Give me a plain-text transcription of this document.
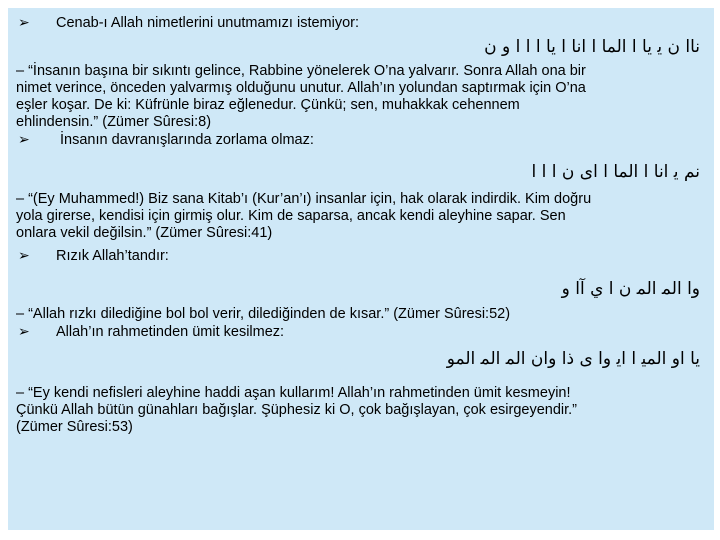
➢ Cenab-ı Allah nimetlerini unutmamızı istemiyor:
ﻧﺎﺍ ﻥ ﻳ ﻳﺎ ﺍ ﺍﻟﻤﺎ ﺍ ﺍﻧﺎ ﺍ ﻳﺎ ﺍ ﺍ ﺍ ﻭ ﻥ
– “İnsanın başına bir sıkıntı gelince, Rabbine yönelerek O’na yalvarır. Sonra Allah ona bir
nimet verince, önceden yalvarmış olduğunu unutur. Allah’ın yolundan saptırmak için O’na
eşler koşar. De ki: Küfrünle biraz eğlenedur. Çünkü; sen, muhakkak cehennem
ehlindensin.” (Zümer Sûresi:8)
➢ İnsanın davranışlarında zorlama olmaz:
ﻧﻢ ﻳ ﺍﻧﺎ ﺍ ﺍﻟﻤﺎ ﺍ ﺍﻯ ﻥ ﺍ ﺍ ﺍ
– “(Ey Muhammed!) Biz sana Kitab’ı (Kur’an’ı) insanlar için, hak olarak indirdik. Kim doğru
yola girerse, kendisi için girmiş olur. Kim de saparsa, ancak kendi aleyhine sapar. Sen
onlara vekil değilsin.” (Zümer Sûresi:41)
➢ Rızık Allah’tandır:
ﻭﺍ ﺍﻟﻤ ﺍﻟﻤ ﻥ ﺍ ﻱ ﺁﺍ ﻭ
– “Allah rızkı dilediğine bol bol verir, dilediğinden de kısar.” (Zümer Sûresi:52)
➢ Allah’ın rahmetinden ümit kesilmez:
ﻳﺎ ﺍﻭ ﺍﻟﻤﻴ ﺍ ﺍﻳ ﻭﺍ ﻯ ﺫﺍ ﻭﺍﻥ ﺍﻟﻤ ﺍﻟﻤ ﺍﻟﻤﻮ
– “Ey kendi nefisleri aleyhine haddi aşan kullarım! Allah’ın rahmetinden ümit kesmeyin!
Çünkü Allah bütün günahları bağışlar. Şüphesiz ki O, çok bağışlayan, çok esirgeyendir.”
(Zümer Sûresi:53)
